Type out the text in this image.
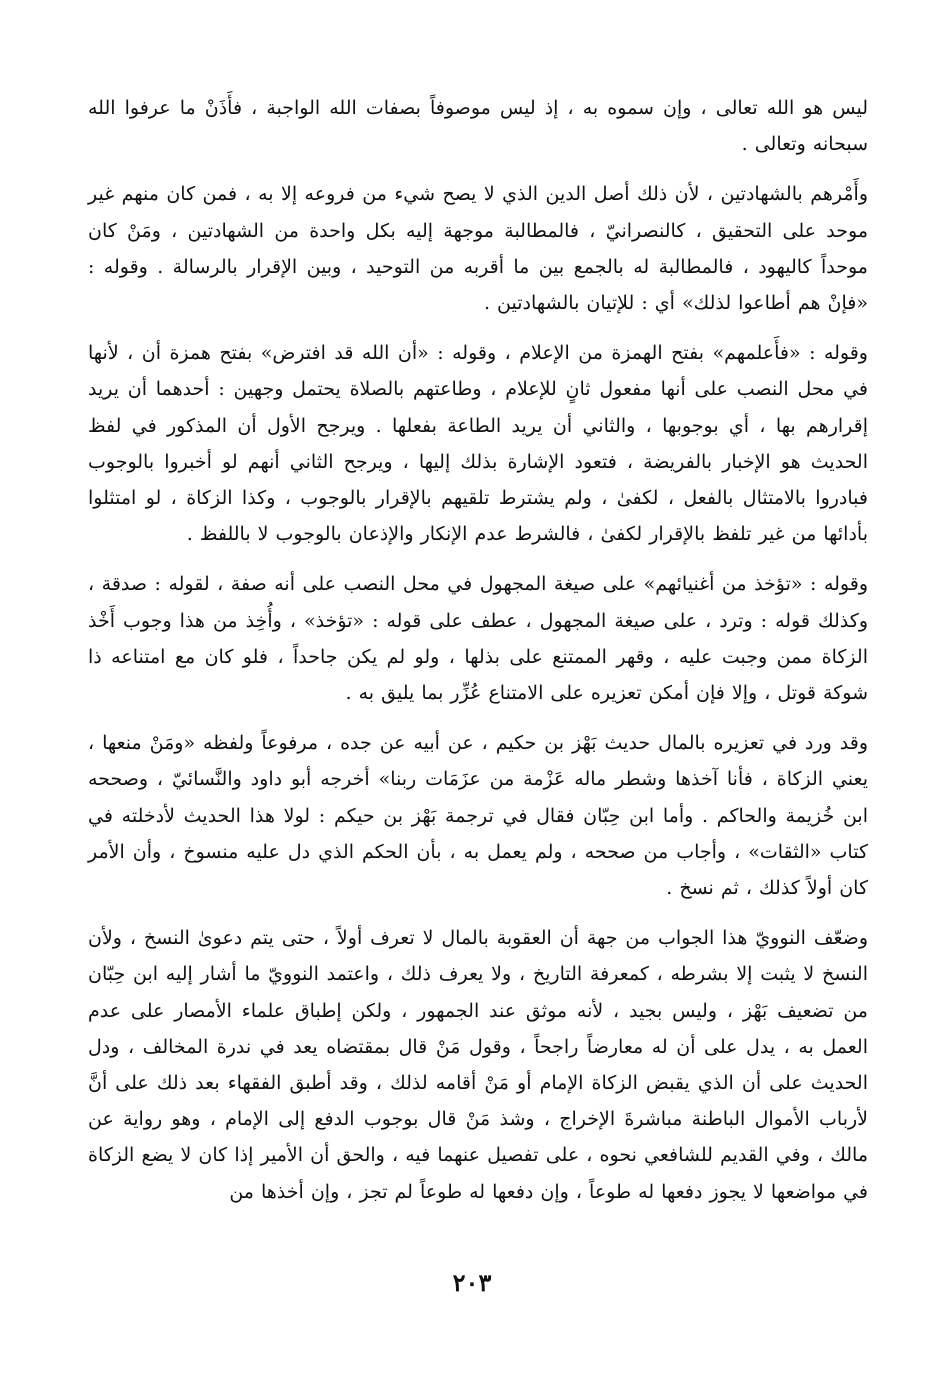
ليس هو الله تعالى ، وإن سموه به ، إذ ليس موصوفاً بصفات الله الواجبة ، فأَذَنْ ما عرفوا الله سبحانه وتعالى .

وأَمْرهم بالشهادتين ، لأن ذلك أصل الدين الذي لا يصح شيء من فروعه إلا به ، فمن كان منهم غير موحد على التحقيق ، كالنصرانيّ ، فالمطالبة موجهة إليه بكل واحدة من الشهادتين ، ومَنْ كان موحداً كاليهود ، فالمطالبة له بالجمع بين ما أقربه من التوحيد ، وبين الإقرار بالرسالة . وقوله : «فإنْ هم أطاعوا لذلك» أي : للإتيان بالشهادتين .

وقوله : «فأَعلمهم» بفتح الهمزة من الإعلام ، وقوله : «أن الله قد افترض» بفتح همزة أن ، لأنها في محل النصب على أنها مفعول ثانٍ للإعلام ، وطاعتهم بالصلاة يحتمل وجهين : أحدهما أن يريد إقرارهم بها ، أي بوجوبها ، والثاني أن يريد الطاعة بفعلها . ويرجح الأول أن المذكور في لفظ الحديث هو الإخبار بالفريضة ، فتعود الإشارة بذلك إليها ، ويرجح الثاني أنهم لو أخبروا بالوجوب فبادروا بالامتثال بالفعل ، لكفىٰ ، ولم يشترط تلقيهم بالإقرار بالوجوب ، وكذا الزكاة ، لو امتثلوا بأدائها من غير تلفظ بالإقرار لكفىٰ ، فالشرط عدم الإنكار والإذعان بالوجوب لا باللفظ .

وقوله : «تؤخذ من أغنيائهم» على صيغة المجهول في محل النصب على أنه صفة ، لقوله : صدقة ، وكذلك قوله : وترد ، على صيغة المجهول ، عطف على قوله : «تؤخذ» ، وأُخِذ من هذا وجوب أَخْذ الزكاة ممن وجبت عليه ، وقهر الممتنع على بذلها ، ولو لم يكن جاحداً ، فلو كان مع امتناعه ذا شوكة قوتل ، وإلا فإن أمكن تعزيره على الامتناع عُزِّر بما يليق به .

وقد ورد في تعزيره بالمال حديث بَهْز بن حكيم ، عن أبيه عن جده ، مرفوعاً ولفظه «ومَنْ منعها ، يعني الزكاة ، فأنا آخذها وشطر ماله عَزْمة من عزَمَات ربنا» أخرجه أبو داود والنَّسائيّ ، وصححه ابن خُزيمة والحاكم . وأما ابن حِبّان فقال في ترجمة بَهْز بن حيكم : لولا هذا الحديث لأدخلته في كتاب «الثقات» ، وأجاب من صححه ، ولم يعمل به ، بأن الحكم الذي دل عليه منسوخ ، وأن الأمر كان أولاً كذلك ، ثم نسخ .

وضعّف النوويّ هذا الجواب من جهة أن العقوبة بالمال لا تعرف أولاً ، حتى يتم دعوىٰ النسخ ، ولأن النسخ لا يثبت إلا بشرطه ، كمعرفة التاريخ ، ولا يعرف ذلك ، واعتمد النوويّ ما أشار إليه ابن حِبّان من تضعيف بَهْز ، وليس بجيد ، لأنه موثق عند الجمهور ، ولكن إطباق علماء الأمصار على عدم العمل به ، يدل على أن له معارضاً راجحاً ، وقول مَنْ قال بمقتضاه يعد في ندرة المخالف ، ودل الحديث على أن الذي يقبض الزكاة الإمام أو مَنْ أقامه لذلك ، وقد أطبق الفقهاء بعد ذلك على أنَّ لأرباب الأموال الباطنة مباشرةَ الإخراج ، وشذ مَنْ قال بوجوب الدفع إلى الإمام ، وهو رواية عن مالك ، وفي القديم للشافعي نحوه ، على تفصيل عنهما فيه ، والحق أن الأمير إذا كان لا يضع الزكاة في مواضعها لا يجوز دفعها له طوعاً ، وإن دفعها له طوعاً لم تجز ، وإن أخذها من

٢٠٣
